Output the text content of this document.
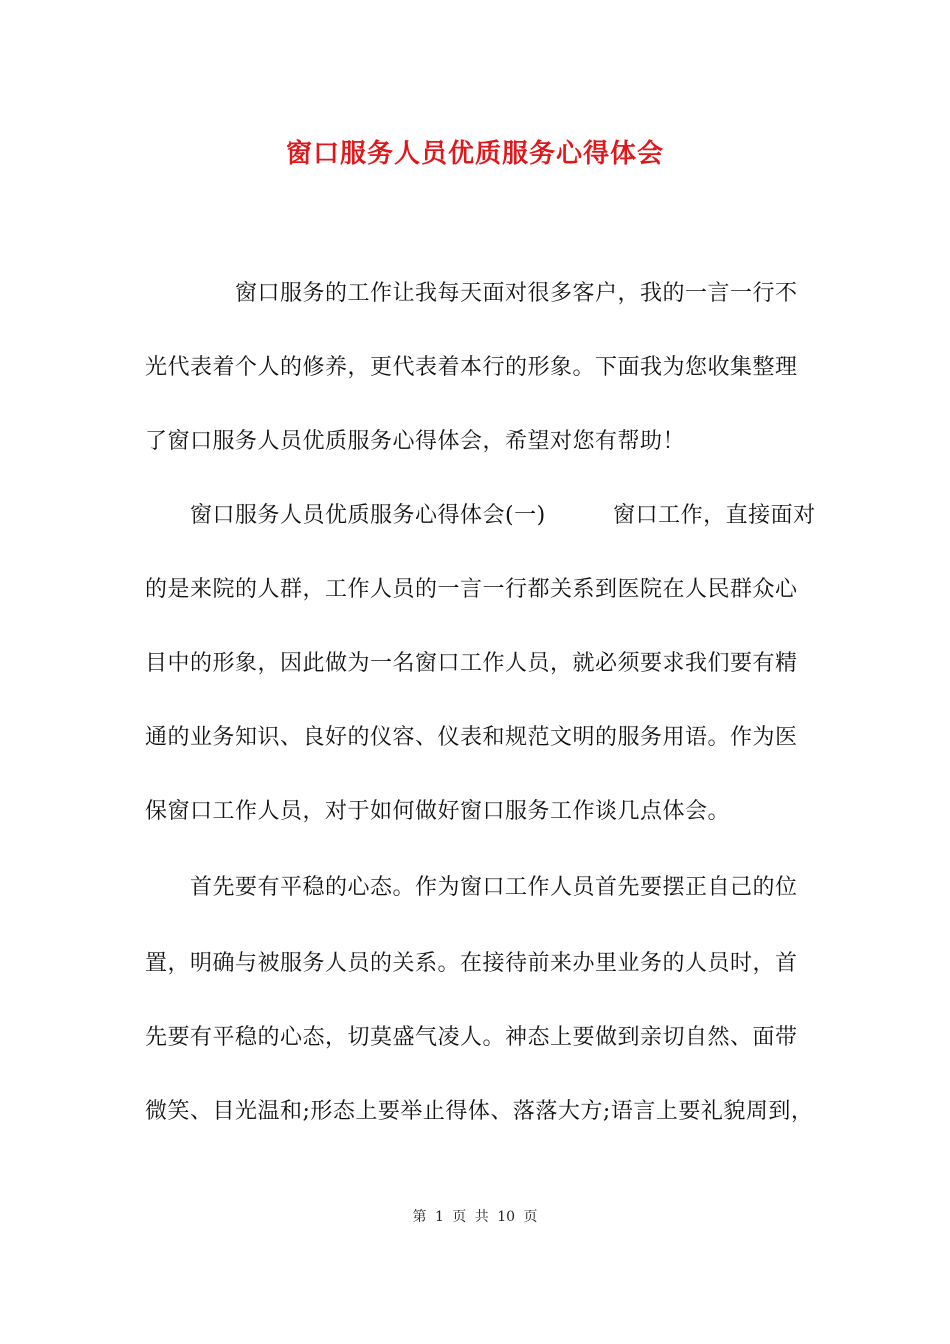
窗口服务人员优质服务心得体会
　　　　窗口服务的工作让我每天面对很多客户，我的一言一行不
光代表着个人的修养，更代表着本行的形象。下面我为您收集整理
了窗口服务人员优质服务心得体会，希望对您有帮助！
　　窗口服务人员优质服务心得体会(一)　　　窗口工作，直接面对
的是来院的人群，工作人员的一言一行都关系到医院在人民群众心
目中的形象，因此做为一名窗口工作人员，就必须要求我们要有精
通的业务知识、良好的仪容、仪表和规范文明的服务用语。作为医
保窗口工作人员，对于如何做好窗口服务工作谈几点体会。
　　首先要有平稳的心态。作为窗口工作人员首先要摆正自己的位
置，明确与被服务人员的关系。在接待前来办里业务的人员时，首
先要有平稳的心态，切莫盛气凌人。神态上要做到亲切自然、面带
微笑、目光温和;形态上要举止得体、落落大方;语言上要礼貌周到，
第 1 页 共 10 页
